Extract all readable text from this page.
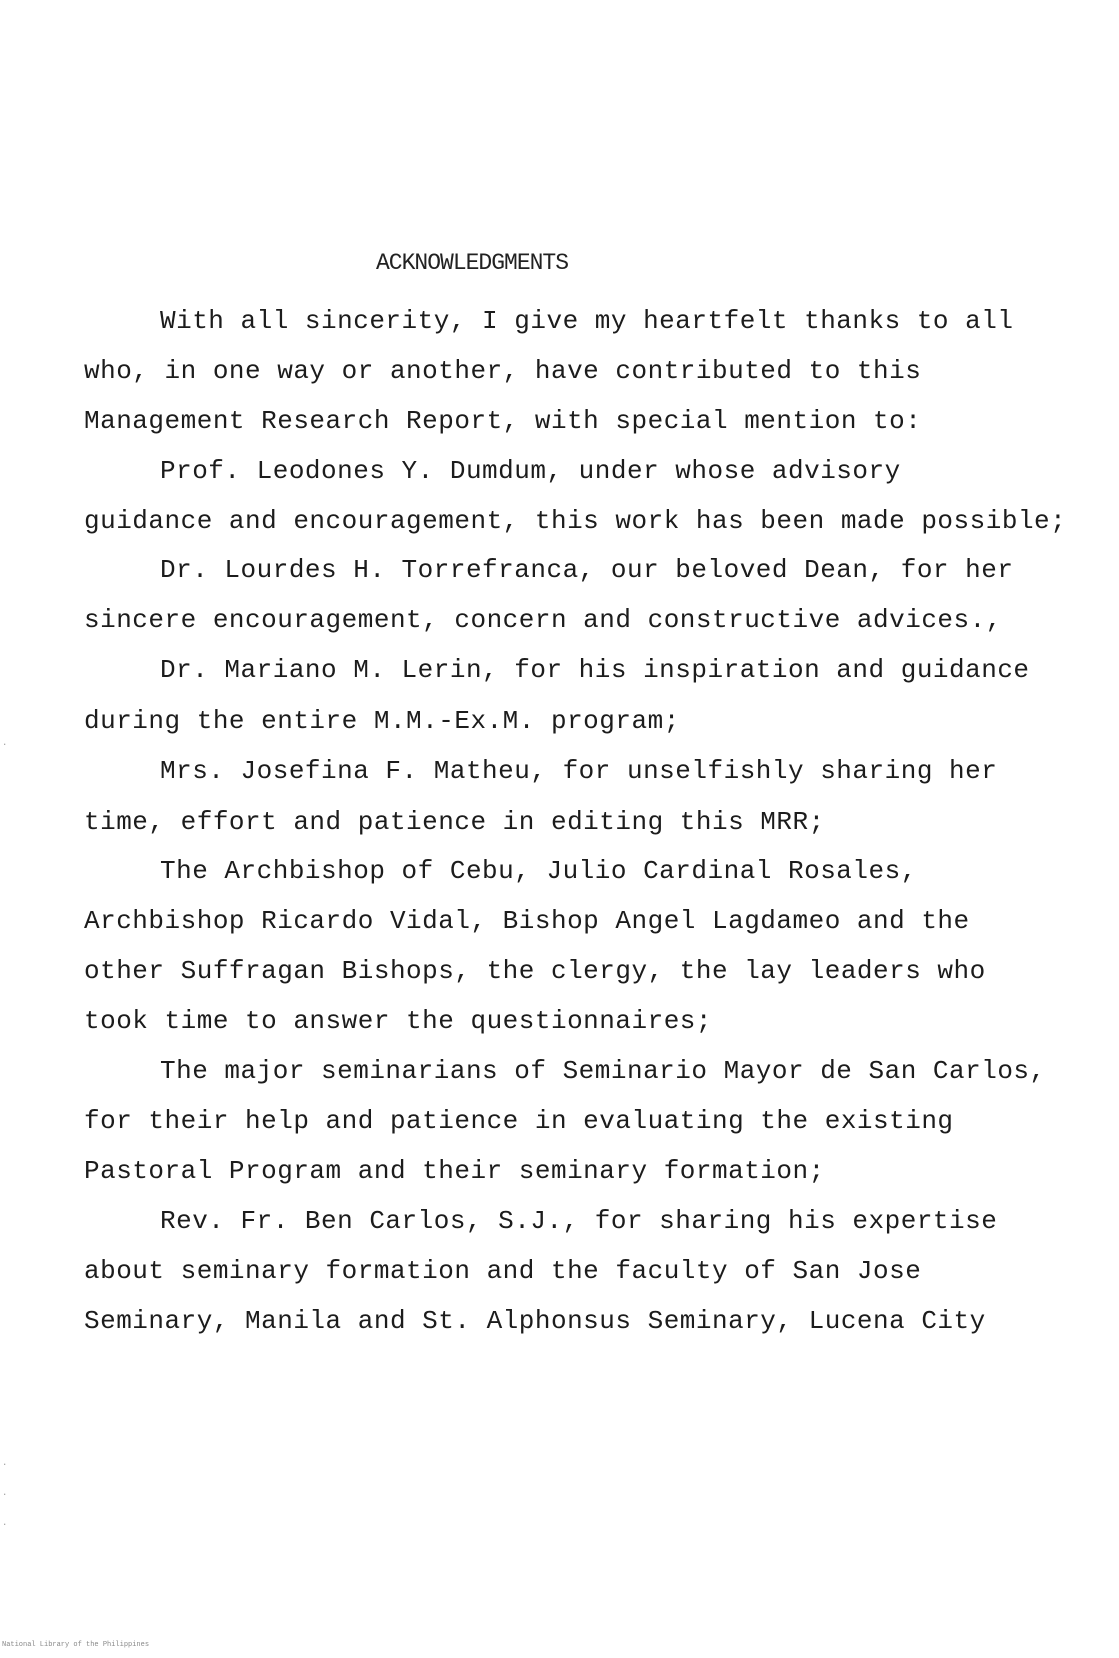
ACKNOWLEDGMENTS
With all sincerity, I give my heartfelt thanks to all
who, in one way or another, have contributed to this
Management Research Report, with special mention to:
Prof. Leodones Y. Dumdum, under whose advisory
guidance and encouragement, this work has been made possible;
Dr. Lourdes H. Torrefranca, our beloved Dean, for her
sincere encouragement, concern and constructive advices.,
Dr. Mariano M. Lerin, for his inspiration and guidance
during the entire M.M.-Ex.M. program;
Mrs. Josefina F. Matheu, for unselfishly sharing her
time, effort and patience in editing this MRR;
The Archbishop of Cebu, Julio Cardinal Rosales,
Archbishop Ricardo Vidal, Bishop Angel Lagdameo and the
other Suffragan Bishops, the clergy, the lay leaders who
took time to answer the questionnaires;
The major seminarians of Seminario Mayor de San Carlos,
for their help and patience in evaluating the existing
Pastoral Program and their seminary formation;
Rev. Fr. Ben Carlos, S.J., for sharing his expertise
about seminary formation and the faculty of San Jose
Seminary, Manila and St. Alphonsus Seminary, Lucena City
·
·
·
·
National Library of the Philippines
